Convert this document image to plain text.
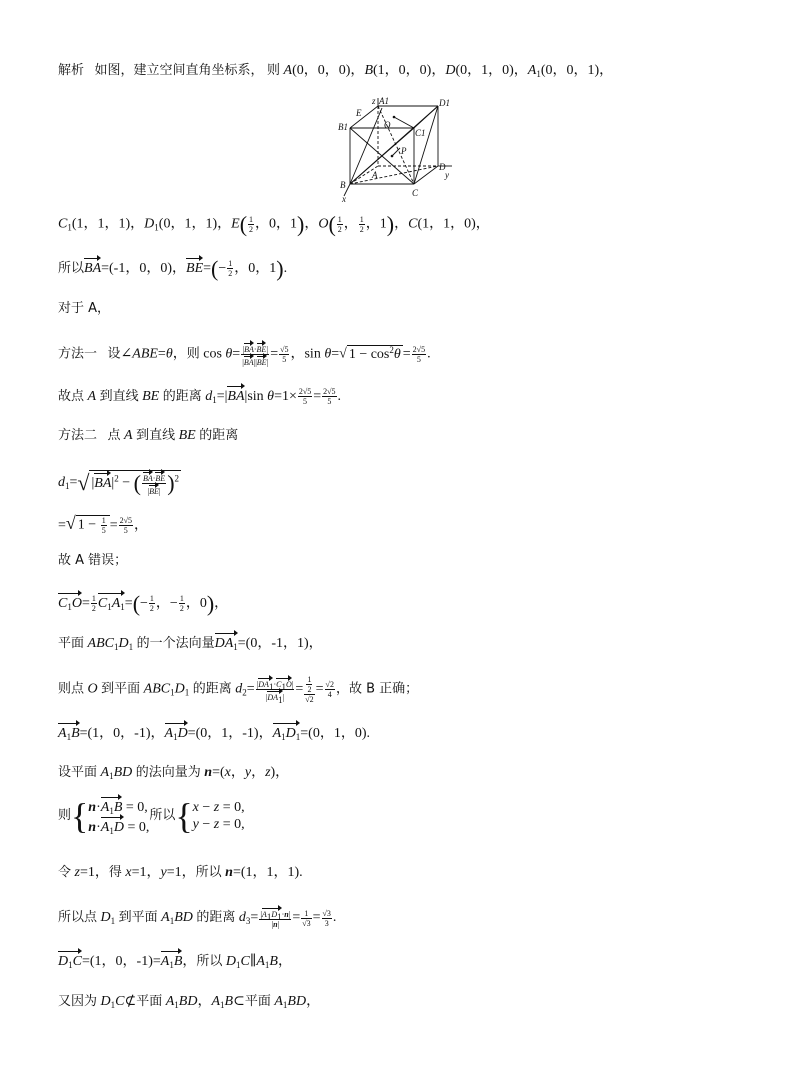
解析 如图，建立空间直角坐标系， 则 A(0，0，0)，B(1，0，0)，D(0，1，0)，$A_1(0$，0，1)，
z A1
E
D1
B1	O
C1
P
D
y
B
A
x
C
$C_1(1$，1，1)，$D_1(0$，1，1)，$E( \frac{1}{2}$ ，0，1)，$O( \frac{1}{2}$ ， $\frac{1}{2}$ ，1)，C(1，1，0)，
所以BA=(-1，0，0)，$BE=(- \frac{1}{2}$ ，0，1).
对于 A，
方法一 设∠ABE=θ，则 $\cos \theta= \frac{|BA\cdot BE|}{|BA||BE|} = \frac{√5}{5}$ ，sin θ=√ $1 - \cos^2\theta = \frac{2√5}{5}$ .
故点 A 到直线 BE 的距离 $d_1=|BA|\sin$ $\theta=1\times \frac{2√5}{5} = \frac{2√5}{5}$ .
方法二 点 A 到直线 BE 的距离
$d_1=√$ $|BA|^2$ − ( $\frac{BA\cdot BE}{|BE|} )^2$
=√ $1 - \frac{1}{5} = \frac{2√5}{5}$ ，
故 A 错误；
$C_1O= \frac{1}{2} C_1A_1=(- \frac{1}{2}$ ，− $\frac{1}{2}$ ，0)，
平面 $ABC_1D_1$ 的一个法向量$DA_1=(0$，-1，1)，
则点 O 到平面 $ABC_1D_1$ 的距离 $d_2= \frac{|DA_1\cdot C_1O|}{|DA_1|} = \frac{\frac{1}{2}}{√2} = \frac{√2}{4}$ ，故 B 正确；
$A_1B=(1$，0，-1)，$A_1D=(0$，1，-1)，$A_1D_1=(0$，1，0).
设平面 $A_1BD$ 的法向量为 n=(x，y，z)，
则{$n\cdot A_1B = 0$,
$n\cdot A_1D = 0$,所以{x − z = 0,
y − z = 0,
令 z=1，得 x=1，y=1，所以 n=(1，1，1).
所以点 $D_1$ 到平面 $A_1BD$ 的距离 $d_3= \frac{|A_1D_1\cdot n|}{|n|} = \frac{1}{√3} = \frac{√3}{3}$ .
$D_1C=(1$，0，$-1)=A_1B$，所以 $D_1C\parallel A_1B$，
又因为 $D_1C⊄$平面 $A_1BD$，$A_1B\subset$平面 $A_1BD$，
